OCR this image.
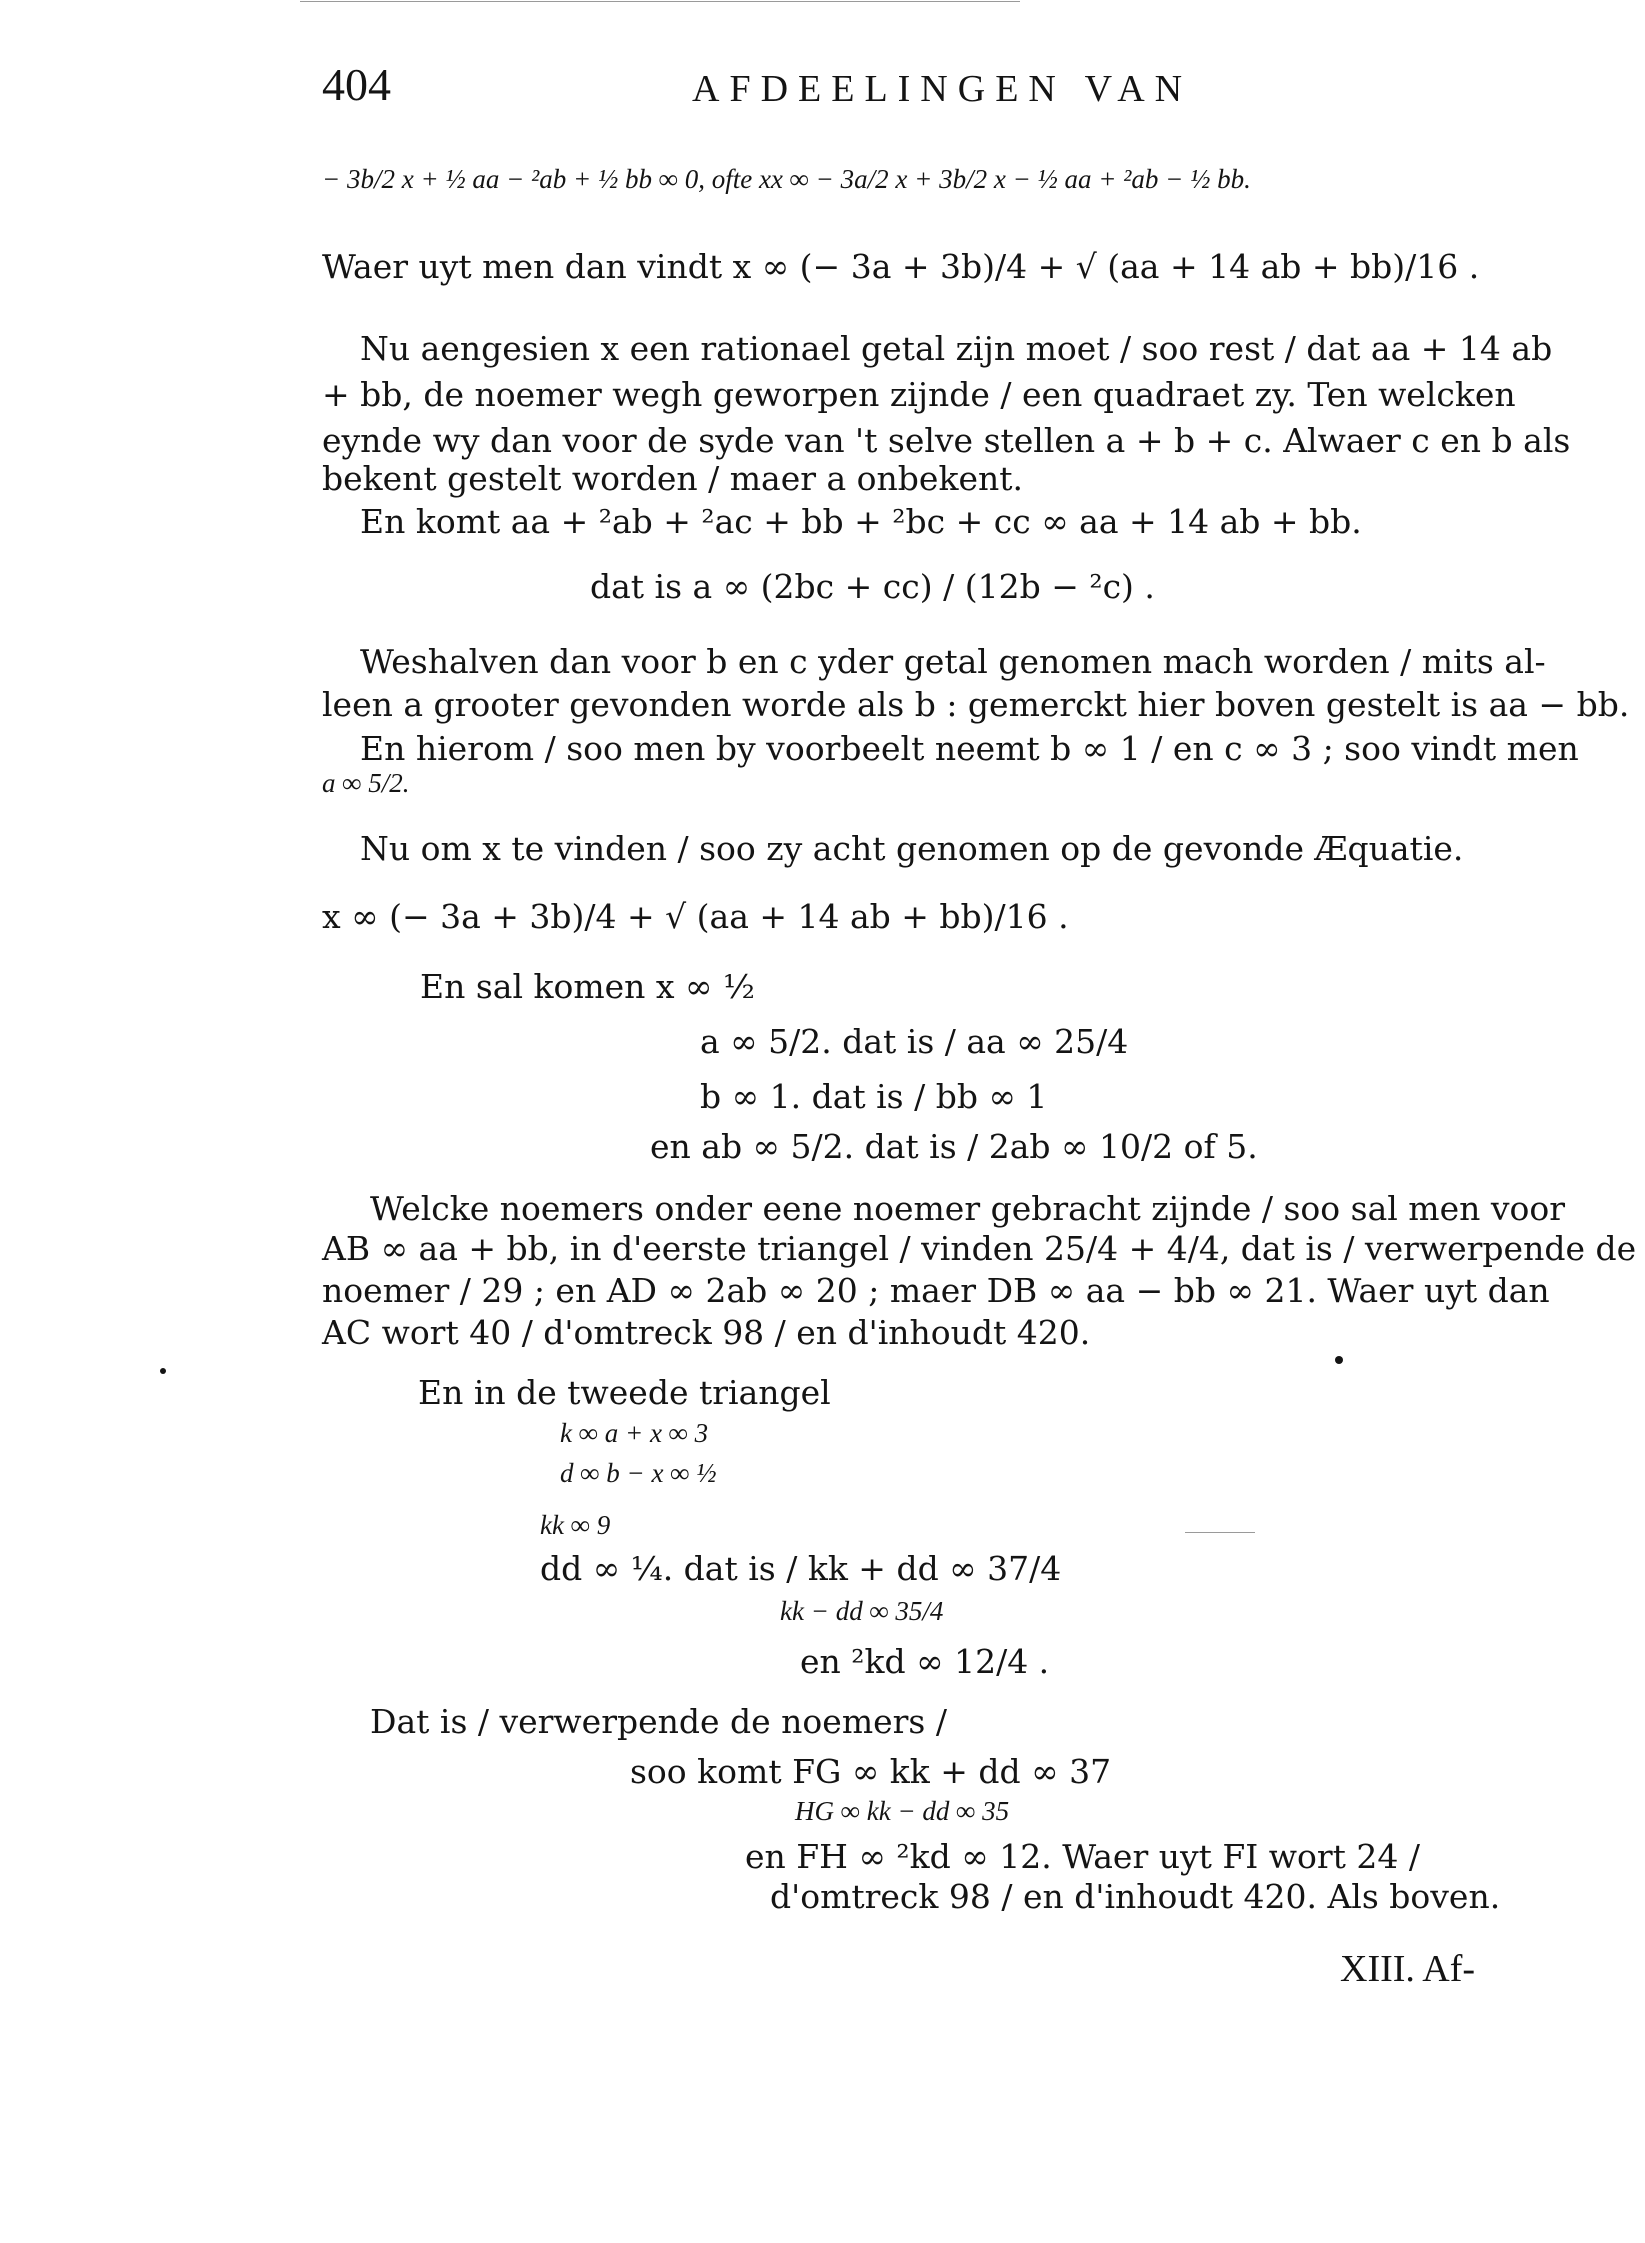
404	AFDEELINGEN VAN
− 3b/2 x + ½ aa − ²ab + ½ bb ∞ 0, ofte xx ∞ − 3a/2 x + 3b/2 x − ½ aa + ²ab − ½ bb.
Waer uyt men dan vindt x ∞ (− 3a + 3b)/4 + √ (aa + 14 ab + bb)/16 .
Nu aengesien x een rationael getal zijn moet / soo rest / dat aa + 14 ab
+ bb, de noemer wegh geworpen zijnde / een quadraet zy. Ten welcken
eynde wy dan voor de syde van 't selve stellen a + b + c. Alwaer c en b als
bekent gestelt worden / maer a onbekent.
En komt aa + ²ab + ²ac + bb + ²bc + cc ∞ aa + 14 ab + bb.
dat is a ∞ (2bc + cc) / (12b − ²c) .
Weshalven dan voor b en c yder getal genomen mach worden / mits al-
leen a grooter gevonden worde als b : gemerckt hier boven gestelt is aa − bb.
En hierom / soo men by voorbeelt neemt b ∞ 1 / en c ∞ 3 ; soo vindt men
a ∞ 5/2.
Nu om x te vinden / soo zy acht genomen op de gevonde Æquatie.
x ∞ (− 3a + 3b)/4 + √ (aa + 14 ab + bb)/16 .
En sal komen x ∞ ½
a ∞ 5/2. dat is / aa ∞ 25/4
b ∞ 1. dat is / bb ∞ 1
en ab ∞ 5/2. dat is / 2ab ∞ 10/2 of 5.
Welcke noemers onder eene noemer gebracht zijnde / soo sal men voor
AB ∞ aa + bb, in d'eerste triangel / vinden 25/4 + 4/4, dat is / verwerpende de
noemer / 29 ; en AD ∞ 2ab ∞ 20 ; maer DB ∞ aa − bb ∞ 21. Waer uyt dan
AC wort 40 / d'omtreck 98 / en d'inhoudt 420.
En in de tweede triangel
k ∞ a + x ∞ 3
d ∞ b − x ∞ ½
kk ∞ 9
dd ∞ ¼. dat is / kk + dd ∞ 37/4
kk − dd ∞ 35/4
en ²kd ∞ 12/4 .
Dat is / verwerpende de noemers /
soo komt FG ∞ kk + dd ∞ 37
HG ∞ kk − dd ∞ 35
en FH ∞ ²kd ∞ 12. Waer uyt FI wort 24 /
d'omtreck 98 / en d'inhoudt 420. Als boven.
XIII. Af-
